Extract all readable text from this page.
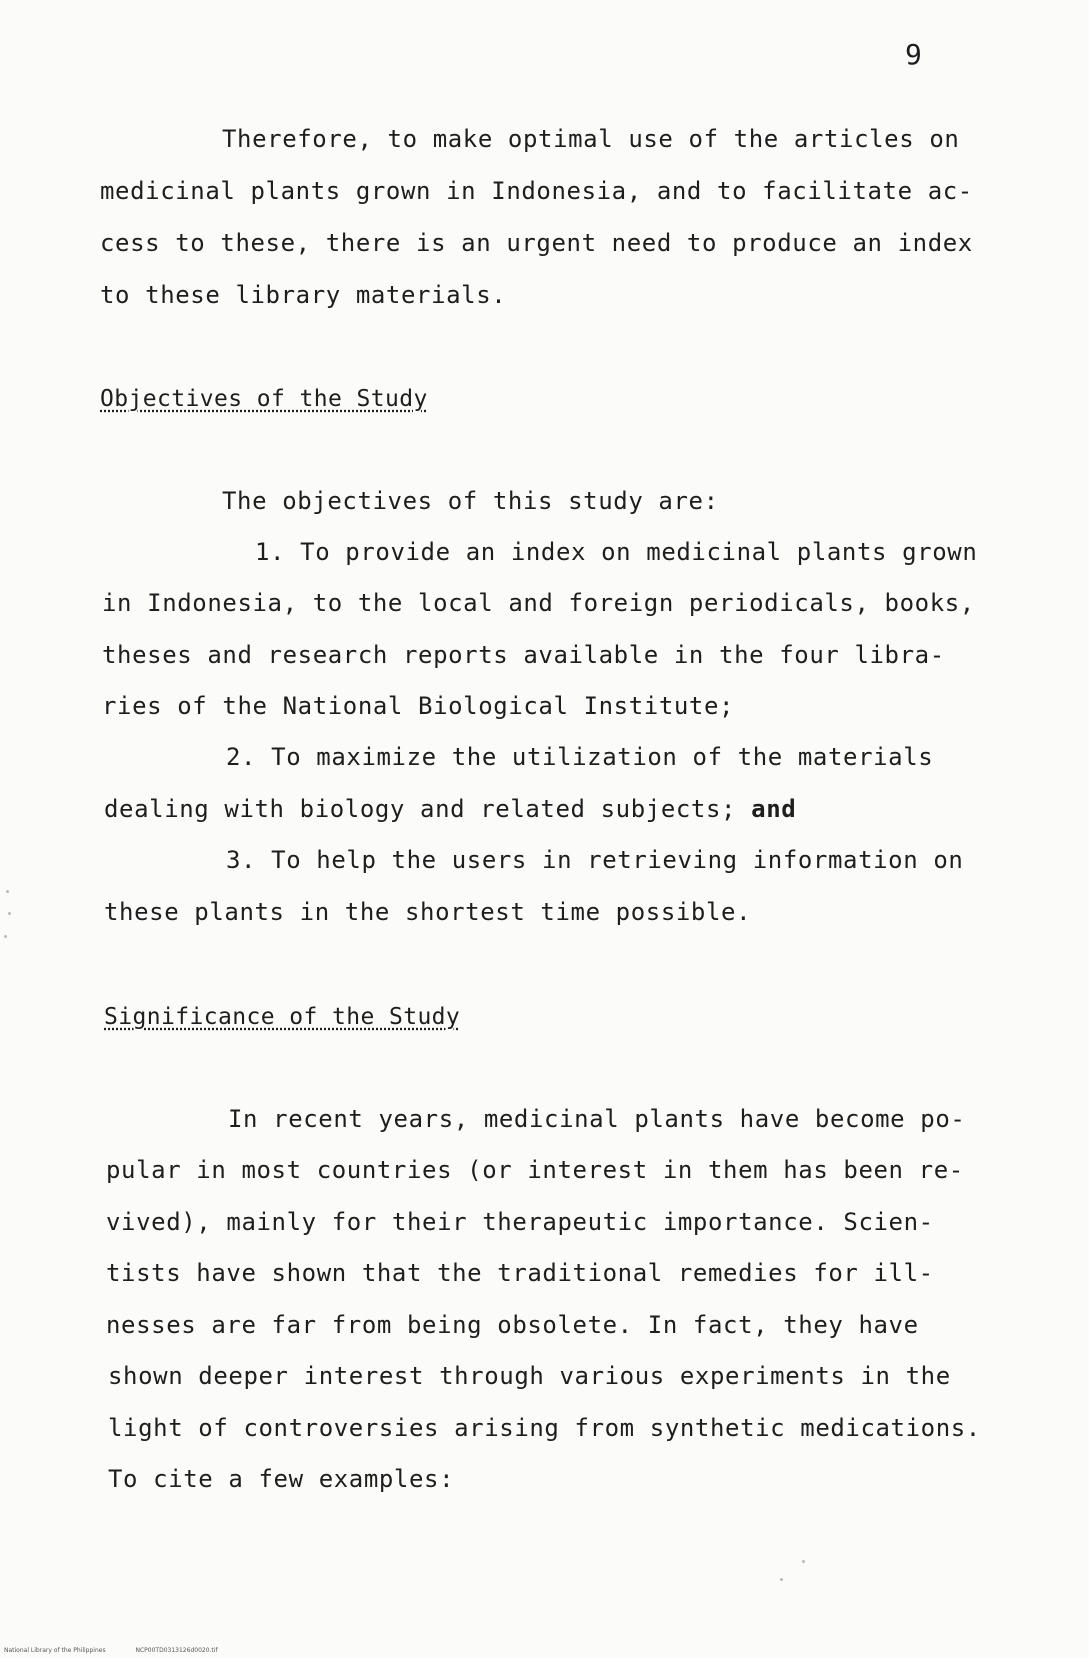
9
Therefore, to make optimal use of the articles on
medicinal plants grown in Indonesia, and to facilitate ac-
cess to these, there is an urgent need to produce an index
to these library materials.
Objectives of the Study
The objectives of this study are:
1. To provide an index on medicinal plants grown
in Indonesia, to the local and foreign periodicals, books,
theses and research reports available in the four libra-
ries of the National Biological Institute;
2. To maximize the utilization of the materials
dealing with biology and related subjects; and
3. To help the users in retrieving information on
these plants in the shortest time possible.
Significance of the Study
In recent years, medicinal plants have become po-
pular in most countries (or interest in them has been re-
vived), mainly for their therapeutic importance. Scien-
tists have shown that the traditional remedies for ill-
nesses are far from being obsolete. In fact, they have
shown deeper interest through various experiments in the
light of controversies arising from synthetic medications.
To cite a few examples:
National Library of the Philippines	NCP00TD0313126d0020.tif
